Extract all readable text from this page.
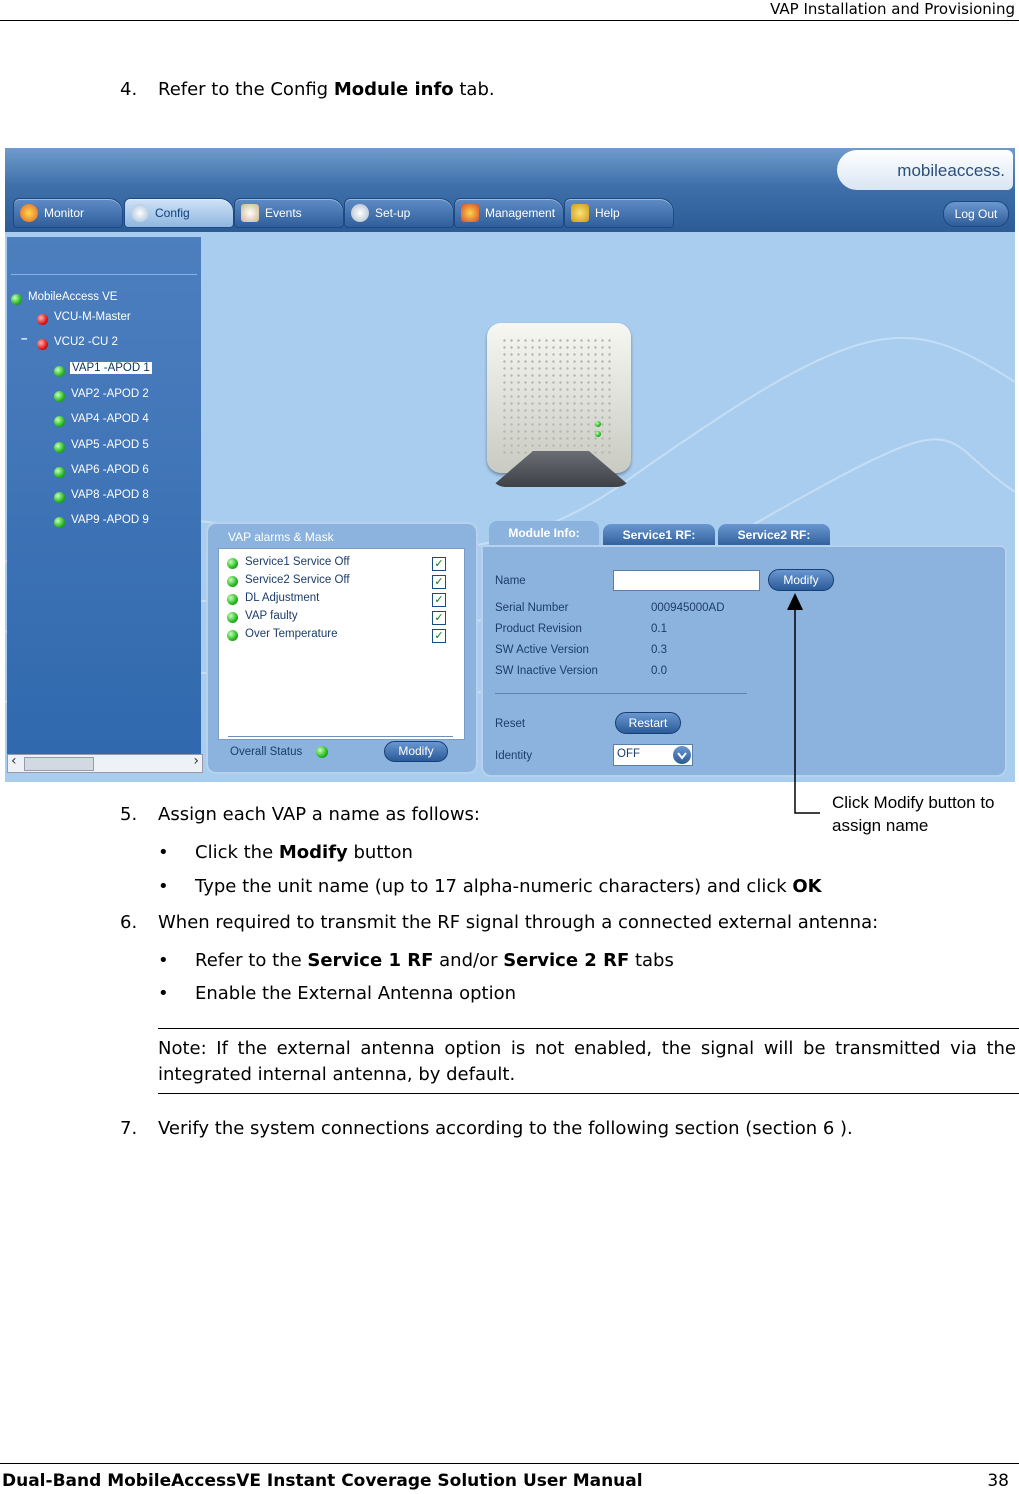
VAP Installation and Provisioning
4. Refer to the Config Module info tab.
mobileaccess.
Monitor	Config	Events	Set-up	Management	Help	Log Out
MobileAccess VE
VCU-M-Master
– VCU2 -CU 2
VAP1 -APOD 1
VAP2 -APOD 2
VAP4 -APOD 4
VAP5 -APOD 5
VAP6 -APOD 6
VAP8 -APOD 8
VAP9 -APOD 9
‹	›
VAP alarms & Mask
Service1 Service Off	✓
Service2 Service Off	✓
DL Adjustment	✓
VAP faulty	✓
Over Temperature	✓
Overall Status	Modify
Module Info:	Service1 RF:	Service2 RF:
Name	Modify
Serial Number	000945000AD
Product Revision	0.1
SW Active Version	0.3
SW Inactive Version	0.0
Reset	Restart
Identity	OFF
Click Modify button to
assign name
5. Assign each VAP a name as follows:
• Click the Modify button
• Type the unit name (up to 17 alpha-numeric characters) and click OK
6. When required to transmit the RF signal through a connected external antenna:
• Refer to the Service 1 RF and/or Service 2 RF tabs
• Enable the External Antenna option
Note: If the external antenna option is not enabled, the signal will be transmitted via the integrated internal antenna, by default.
7. Verify the system connections according to the following section (section 6 ).
Dual-Band MobileAccessVE Instant Coverage Solution User Manual	38
